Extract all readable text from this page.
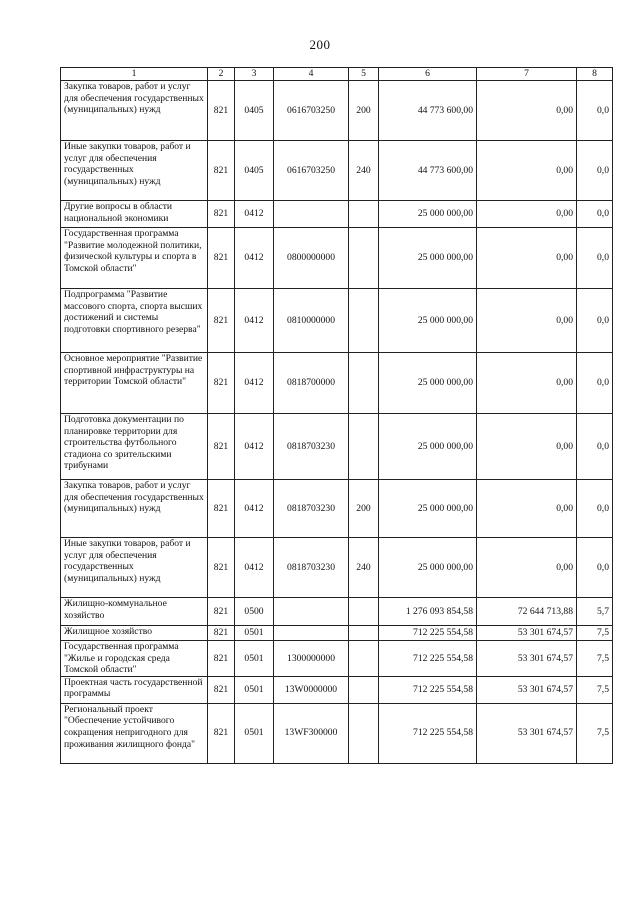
200
1	2	3	4	5	6	7	8
Закупка товаров, работ и услуг для обеспечения государственных (муниципальных) нужд	821	0405	0616703250	200	44 773 600,00	0,00	0,0
Иные закупки товаров, работ и услуг для обеспечения государственных (муниципальных) нужд	821	0405	0616703250	240	44 773 600,00	0,00	0,0
Другие вопросы в области национальной экономики	821	0412			25 000 000,00	0,00	0,0
Государственная программа "Развитие молодежной политики, физической культуры и спорта в Томской области"	821	0412	0800000000		25 000 000,00	0,00	0,0
Подпрограмма "Развитие массового спорта, спорта высших достижений и системы подготовки спортивного резерва"	821	0412	0810000000		25 000 000,00	0,00	0,0
Основное мероприятие "Развитие спортивной инфраструктуры на территории Томской области"	821	0412	0818700000		25 000 000,00	0,00	0,0
Подготовка документации по планировке территории для строительства футбольного стадиона со зрительскими трибунами	821	0412	0818703230		25 000 000,00	0,00	0,0
Закупка товаров, работ и услуг для обеспечения государственных (муниципальных) нужд	821	0412	0818703230	200	25 000 000,00	0,00	0,0
Иные закупки товаров, работ и услуг для обеспечения государственных (муниципальных) нужд	821	0412	0818703230	240	25 000 000,00	0,00	0,0
Жилищно-коммунальное хозяйство	821	0500			1 276 093 854,58	72 644 713,88	5,7
Жилищное хозяйство	821	0501			712 225 554,58	53 301 674,57	7,5
Государственная программа "Жилье и городская среда Томской области"	821	0501	1300000000		712 225 554,58	53 301 674,57	7,5
Проектная часть государственной программы	821	0501	13W0000000		712 225 554,58	53 301 674,57	7,5
Региональный проект "Обеспечение устойчивого сокращения непригодного для проживания жилищного фонда"	821	0501	13WF300000		712 225 554,58	53 301 674,57	7,5
